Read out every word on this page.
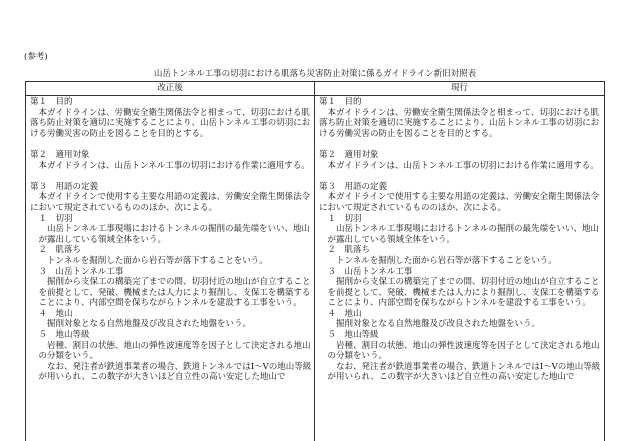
(参考)
山岳トンネル工事の切羽における肌落ち災害防止対策に係るガイドライン新旧対照表
改正後	現行

第１　目的

　本ガイドラインは、労働安全衛生関係法令と相まって、切羽における肌

落ち防止対策を適切に実施することにより、山岳トンネル工事の切羽にお

ける労働災害の防止を図ることを目的とする。

第２　適用対象

　本ガイドラインは、山岳トンネル工事の切羽における作業に適用する。

第３　用語の定義

　本ガイドラインで使用する主要な用語の定義は、労働安全衛生関係法令

において規定されているもののほか、次による。

　１　切羽

　　山岳トンネル工事現場におけるトンネルの掘削の最先端をいい、地山

　が露出している領域全体をいう。

　２　肌落ち

　　トンネルを掘削した面から岩石等が落下することをいう。

　３　山岳トンネル工事

　　掘削から支保工の構築完了までの間、切羽付近の地山が自立すること

　を前提として、発破、機械または人力により掘削し、支保工を構築する

　ことにより、内部空間を保ちながらトンネルを建設する工事をいう。

　４　地山

　　掘削対象となる自然地盤及び改良された地盤をいう。

　５　地山等級

　　岩種、割目の状態、地山の弾性波速度等を因子として決定される地山

　の分類をいう。

　　なお、発注者が鉄道事業者の場合、鉄道トンネルではⅠ〜Ⅴの地山等級

　が用いられ、この数字が大きいほど自立性の高い安定した地山で

第１　目的

　本ガイドラインは、労働安全衛生関係法令と相まって、切羽における肌

落ち防止対策を適切に実施することにより、山岳トンネル工事の切羽にお

ける労働災害の防止を図ることを目的とする。

第２　適用対象

　本ガイドラインは、山岳トンネル工事の切羽における作業に適用する。

第３　用語の定義

　本ガイドラインで使用する主要な用語の定義は、労働安全衛生関係法令

において規定されているもののほか、次による。

　１　切羽

　　山岳トンネル工事現場におけるトンネルの掘削の最先端をいい、地山

　が露出している領域全体をいう。

　２　肌落ち

　　トンネルを掘削した面から岩石等が落下することをいう。

　３　山岳トンネル工事

　　掘削から支保工の構築完了までの間、切羽付近の地山が自立すること

　を前提として、発破、機械または人力により掘削し、支保工を構築する

　ことにより、内部空間を保ちながらトンネルを建設する工事をいう。

　４　地山

　　掘削対象となる自然地盤及び改良された地盤をいう。

　５　地山等級

　　岩種、割目の状態、地山の弾性波速度等を因子として決定される地山

　の分類をいう。

　　なお、発注者が鉄道事業者の場合、鉄道トンネルではⅠ〜Ⅴの地山等級

　が用いられ、この数字が大きいほど自立性の高い安定した地山で
